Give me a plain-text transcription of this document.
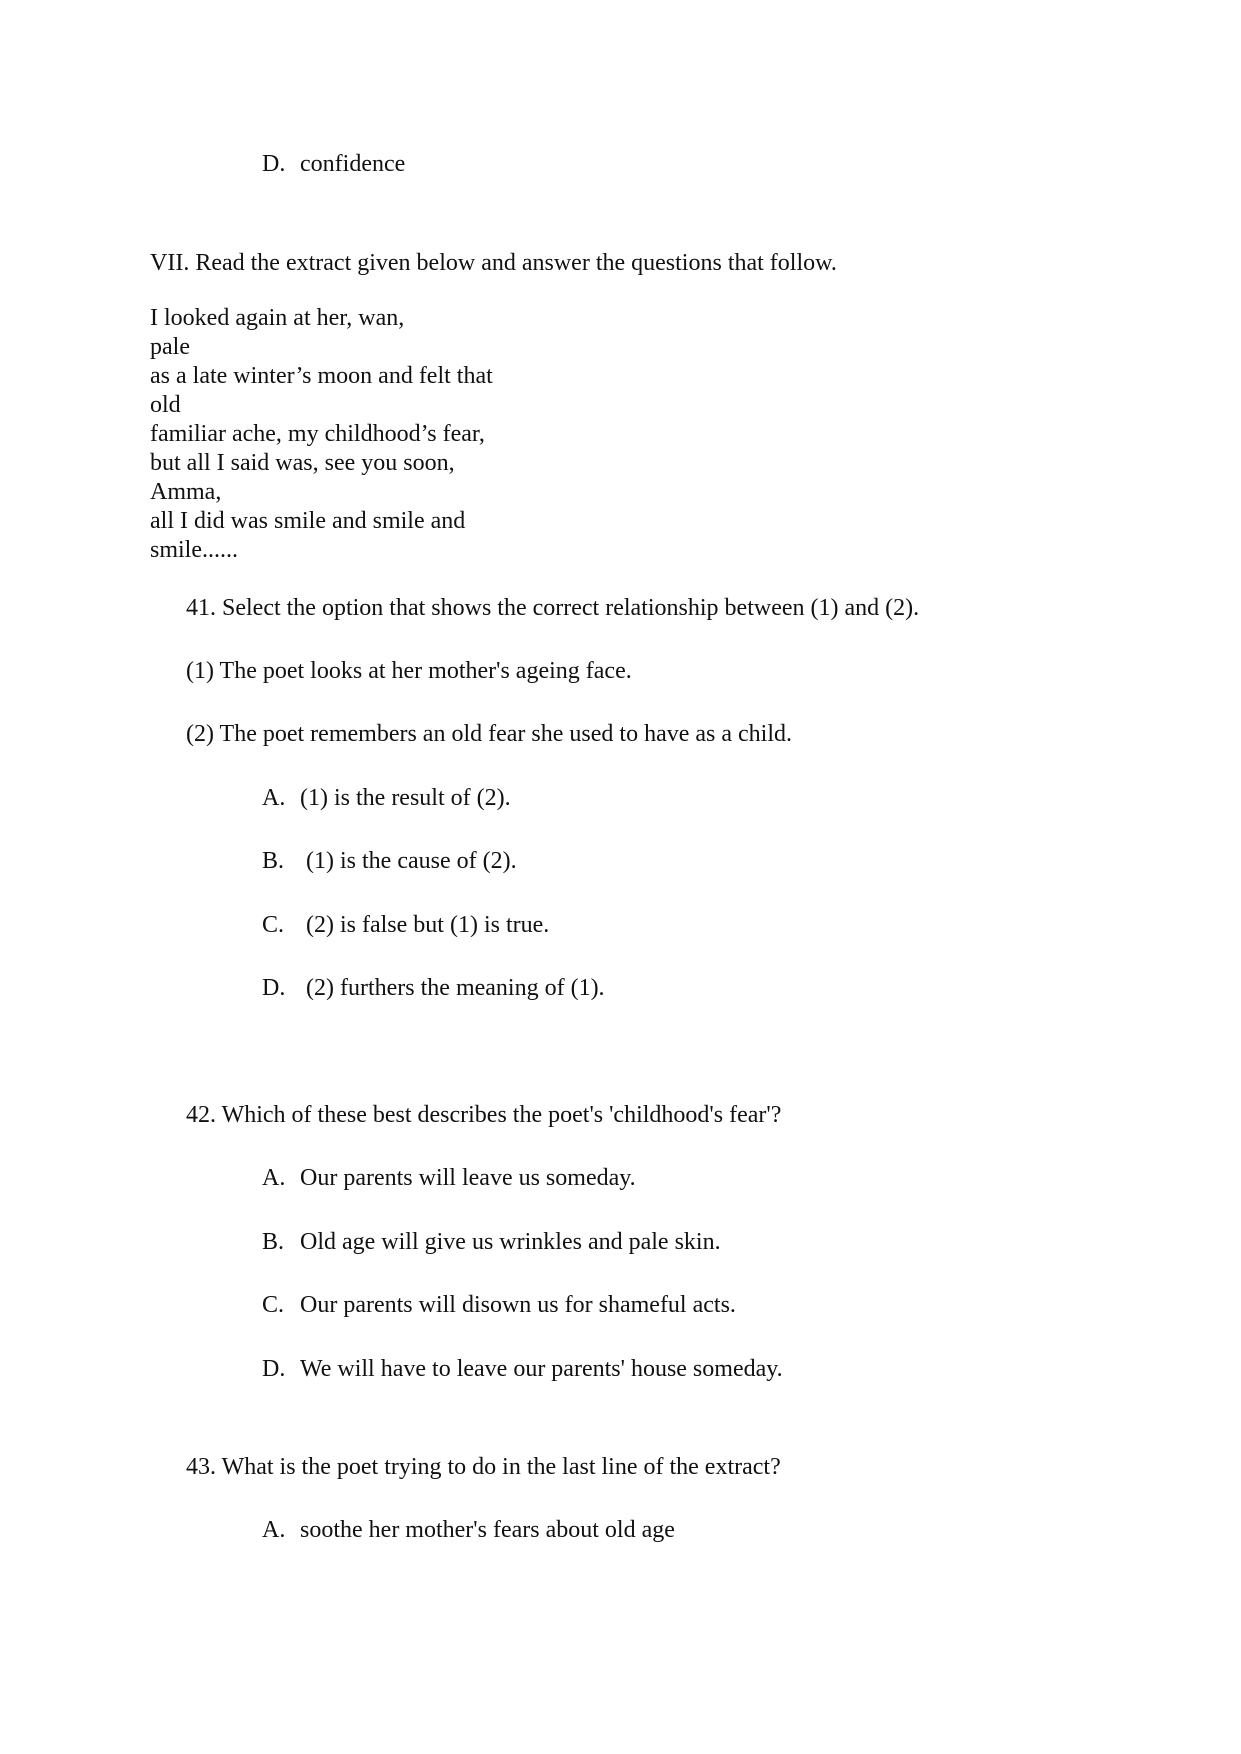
D. confidence

VII. Read the extract given below and answer the questions that follow.

I looked again at her, wan,
pale
as a late winter’s moon and felt that
old
familiar ache, my childhood’s fear,
but all I said was, see you soon,
Amma,
all I did was smile and smile and
smile......

41. Select the option that shows the correct relationship between (1) and (2).

(1) The poet looks at her mother's ageing face.

(2) The poet remembers an old fear she used to have as a child.

A. (1) is the result of (2).

B. (1) is the cause of (2).

C. (2) is false but (1) is true.

D. (2) furthers the meaning of (1).

42. Which of these best describes the poet's 'childhood's fear'?

A. Our parents will leave us someday.

B. Old age will give us wrinkles and pale skin.

C. Our parents will disown us for shameful acts.

D. We will have to leave our parents' house someday.

43. What is the poet trying to do in the last line of the extract?

A. soothe her mother's fears about old age
